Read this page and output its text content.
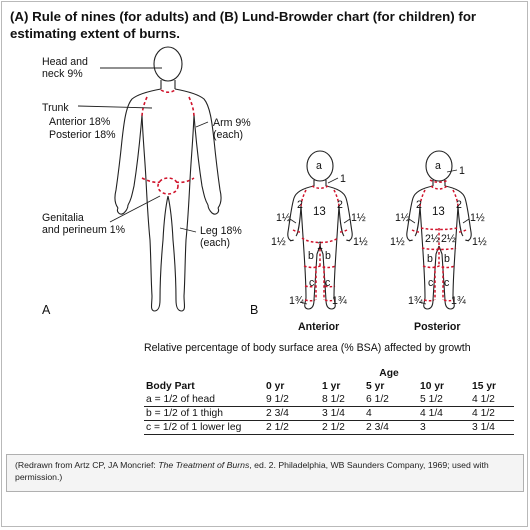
(A) Rule of nines (for adults) and (B) Lund-Browder chart (for children) for estimating extent of burns.
Head and
neck 9%
Trunk
Anterior 18%
Posterior 18%
Arm 9%
(each)
Genitalia
and perineum 1%	Leg 18%
(each)
A
a
1
13
2	2
1½	1½
1½	1½
1
b b
c c
1¾	1¾
a 1
13
2	2
1½	1½
1½	1½
2½ 2½
b b
c c
1¾	1¾
B
Anterior	Posterior
Relative percentage of body surface area (% BSA) affected by growth
	Age				
Body Part	0 yr	1 yr	5 yr	10 yr	15 yr
a = 1/2 of head	9 1/2	8 1/2	6 1/2	5 1/2	4 1/2
b = 1/2 of 1 thigh	2 3/4	3 1/4	4	4 1/4	4 1/2
c = 1/2 of 1 lower leg	2 1/2	2 1/2	2 3/4	3	3 1/4
(Redrawn from Artz CP, JA Moncrief: The Treatment of Burns, ed. 2. Philadelphia, WB Saunders Company, 1969; used with permission.)
